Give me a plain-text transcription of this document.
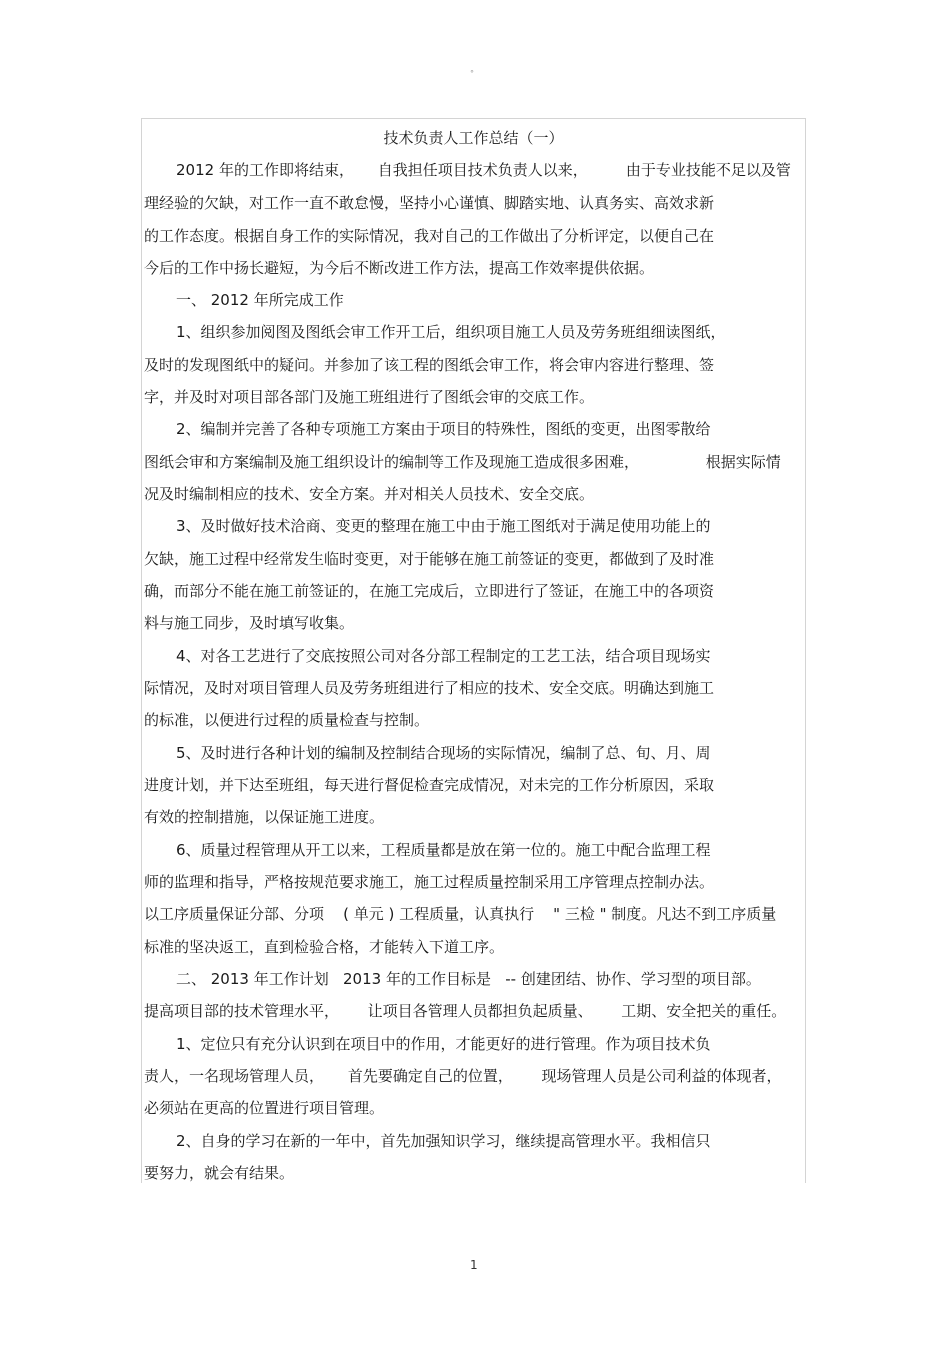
°
技术负责人工作总结（一）
2012 年的工作即将结束，     自我担任项目技术负责人以来，        由于专业技能不足以及管
理经验的欠缺，对工作一直不敢怠慢，坚持小心谨慎、脚踏实地、认真务实、高效求新
的工作态度。根据自身工作的实际情况，我对自己的工作做出了分析评定，以便自己在
今后的工作中扬长避短，为今后不断改进工作方法，提高工作效率提供依据。
一、 2012 年所完成工作
1、组织参加阅图及图纸会审工作开工后，组织项目施工人员及劳务班组细读图纸，
及时的发现图纸中的疑问。并参加了该工程的图纸会审工作，将会审内容进行整理、签
字，并及时对项目部各部门及施工班组进行了图纸会审的交底工作。
2、编制并完善了各种专项施工方案由于项目的特殊性，图纸的变更，出图零散给
图纸会审和方案编制及施工组织设计的编制等工作及现施工造成很多困难，              根据实际情
况及时编制相应的技术、安全方案。并对相关人员技术、安全交底。
3、及时做好技术洽商、变更的整理在施工中由于施工图纸对于满足使用功能上的
欠缺，施工过程中经常发生临时变更，对于能够在施工前签证的变更，都做到了及时准
确，而部分不能在施工前签证的，在施工完成后，立即进行了签证，在施工中的各项资
料与施工同步，及时填写收集。
4、对各工艺进行了交底按照公司对各分部工程制定的工艺工法，结合项目现场实
际情况，及时对项目管理人员及劳务班组进行了相应的技术、安全交底。明确达到施工
的标准，以便进行过程的质量检查与控制。
5、及时进行各种计划的编制及控制结合现场的实际情况，编制了总、旬、月、周
进度计划，并下达至班组，每天进行督促检查完成情况，对未完的工作分析原因，采取
有效的控制措施，以保证施工进度。
6、质量过程管理从开工以来，工程质量都是放在第一位的。施工中配合监理工程
师的监理和指导，严格按规范要求施工，施工过程质量控制采用工序管理点控制办法。
以工序质量保证分部、分项    ( 单元 ) 工程质量，认真执行    " 三检 " 制度。凡达不到工序质量
标准的坚决返工，直到检验合格，才能转入下道工序。
二、 2013 年工作计划   2013 年的工作目标是   -- 创建团结、协作、学习型的项目部。
提高项目部的技术管理水平，      让项目各管理人员都担负起质量、      工期、安全把关的重任。
1、定位只有充分认识到在项目中的作用，才能更好的进行管理。作为项目技术负
责人，一名现场管理人员，     首先要确定自己的位置，      现场管理人员是公司利益的体现者，
必须站在更高的位置进行项目管理。
2、自身的学习在新的一年中，首先加强知识学习，继续提高管理水平。我相信只
要努力，就会有结果。
1
